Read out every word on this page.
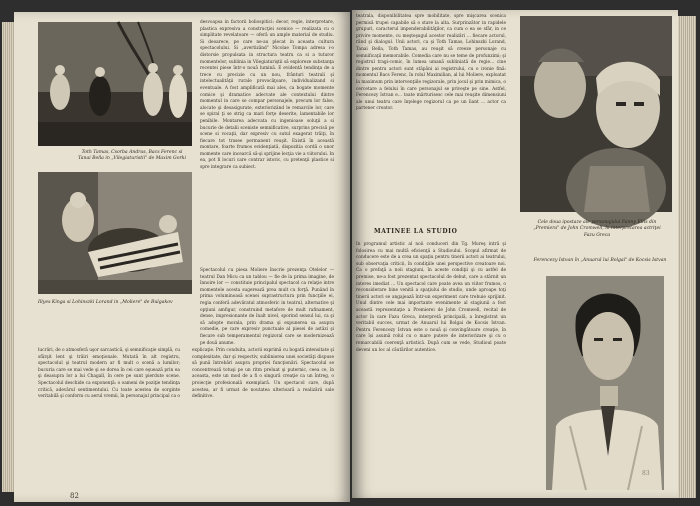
Toth Tamas, Csorba Andras, Bacs Ferenc si Tanai Bella in „Vilegiaturistii" de Maxim Gorki

Illyes Kinga si Lohinszki Lorand in „Moliere" de Bulgakov

desvoapsa in factorii boliospitici: decor, regie, interpretare, plastica expresiva a construcţiei scenice — realizata cu o simplitate revelatoare — oferă un ample material de studiu. Si deoarece, pe care ne-au plecat in aceasta cultura spectacolului. Si „avertizând" Nicolae Tompa adresa i-o distorsie propulsata in structura teatru ca si a tuturor momentelor, sublinia in Vilegiaturiştii să exploreze substanţa recentei piese într-o nouă lumină. E evidentă tendinţa de a trece cu precizie cu un nou, frânturi teatrali şi intelectualităţii rurale provocăţoare, individualizand si eventuale. A fost amplificată mai ales, ca bogate momente comice şi dramatice adecvate ale contextului dintre momentul in care se compar personajele, precum lor false, alocate şi desasigurate, exteriorizând le remarcile lor, care se spiral ţi se strig ca mari forţe deserite, lamentabile lor penibile. Montarea adecvata cu ingenioase soluţii a si bucurie de detalii sceniste semnificative, surprins precisă pe scene si vocaţii, dar expresiv cu sutul exagerat trăiţi, în fiecare tot trasee permanent reuşit. Există în această montare, foarte frumos evidenţiată, dispozitia cordă o unor momente care incearcă să-şi sprijine lecţia vie a viitorului. In ea, pot fi locuri care contrar istoric, cu pretenţii plastice si spre integrare ca subiect.

Spectacolul cu piesa Moliere înscrie prezenţa Otelelor — teatrul Dan Micu ca un tablou — fie de la prima imagine, de înnoire lor — constituie principalul spectacol ca relaţie intre momentele acesta sugerează prea mult cu forţă. Punând în prima voluminoasă scenei suprastructura prin funcţiile ei, regia conferă adevăratul atmosferic in teatrul, alternative şi opţiuni amfigur, construind metafore de mult rafinament, dense, impresionante de înalt nivel, sporind sensul lui, ca şi să adopte morala, prin drama şi expunerea sa asupra comedie, pe care expresiv punctuale al piesei de astăzi şi fiecare sub temperamentul regizoral care se modernizează pe două anume.

lucrări, de o atmosferă uşor sarcastică, şi semnificaţie simplă, cu sfârşit lent şi trăiri emoţionale. Mutată în alt registru, spectacolul şi teatrul modern ar fi mult o scenă a lumilor; bucuria care se mai vede şi se dorea în cei care eşuează prin ea şi deasupra lor a lui Chagall, în cere pe sunt pierdute scene. Spectacolul deschide ca exponenţă: o oameni de poziţie tendinţa critică, adevărul sentimentului. Cu toate acestea de sorginte veritabilă şi conform cu aerul vremii, în personajul principal ca o explicaţie. Prin conduita, actorii exprimă cu bogată intensitate şi complexitate, dar şi respectiv, sublinierea unei societăţi dispuse să pună întrebări asupra propriei funcţionări. Spectacolul se concentrează totuşi pe un ritm preluat şi puternic, ceea ce, în aceasta, este un mod de a fi o singură creaţie ca un întreg, o proiecţie profesională exemplară. Un spectacol care, după acestea, ar fi urmat de noutatea ulterioară a realizării sale definitive.

82

teatrala, disponibilitatea spre mobilitate, spre mişcarea scenica permisă trupei capabile să o stare la alta. Surprinzător in rapidele grupuri, caracterul impenderabilităţilor, ca cum o ea se sfâr, in ce privire momente, cu meşteşugul acestor realizări ... fiecare actorul, rând şi dialogul. Unii actori, ca şi Toth Tamas, Lohinszki Lorand, Tanai Bella, Toth Tamas, au reuşit să creeze personaje cu semnificaţii memorabile. Comedia care nu se teme de profunzimi; şi registrul tragi-comic, în lumea umană subliniată de regie... cine dintre pentru actori sunt stăpâni ai registrului, cu o ironie fină: momentul Bacs Ferenc, în rolul Maximilian, al lui Moliere, exploatat la maximum prin intervenţiile regizorale, prin jocul şi prin mimica, o cercetare a felului în care personajul se priveşte pe sine. Astfel, Ferencezy Istvan e... toate mărturisesc cele mai reuşite dimensiuni ale unui teatru care înţelege regizorul ca pe un liant ... actor ca partener creator.

MATINEE LA STUDIO

In programul artistic al noii conduceri din Tg. Mureş intră şi folosirea cu mai multă eficienţă a Studioului. Scopul afirmat de conducere este de a crea un spaţiu pentru tinerii actori ai teatrului, sub observaţia criticii, în condiţiile unei perspective creatoare noi. Ca o prefaţă a noii stagiuni, în aceste condiţii şi cu astfel de premise, ne-a fost prezentat spectacolul de debut, care a stârnit un interes imediat ... Un spectacol care poate avea un viitor frumos, o reconsiderare bine venită a spaţiului de studio, unde aproape toţi tinerii actori se angajează într-un experiment care trebuie sprijinit. Unul dintre cele mai importante evenimente al stagiunii a fost această reprezentaţie a Premierei de John Cromwell, recital de actor în care Fazu Greca, interpretă principală, a înregistrat un veritabil succes, urmat de Anuarul lui Bolgai de Kocsis Istvan. Pentru Ferencezy Istvan este o nouă şi convingătoare creaţie, în care își asumă rolul cu o mare putere de interiorizare şi cu o remarcabilă coerenţă artistică. După cum se vede, Studioul poate deveni un loc al căutărilor autentice.

Cele doua ipostaze ale personajului Fanny Ellis din „Premiera" de John Cromwell, în interpretarea actriţei Fazu Greca

Ferencezy Istvan în „Anuarul lui Bolgai" de Kocsis Istvan

83
